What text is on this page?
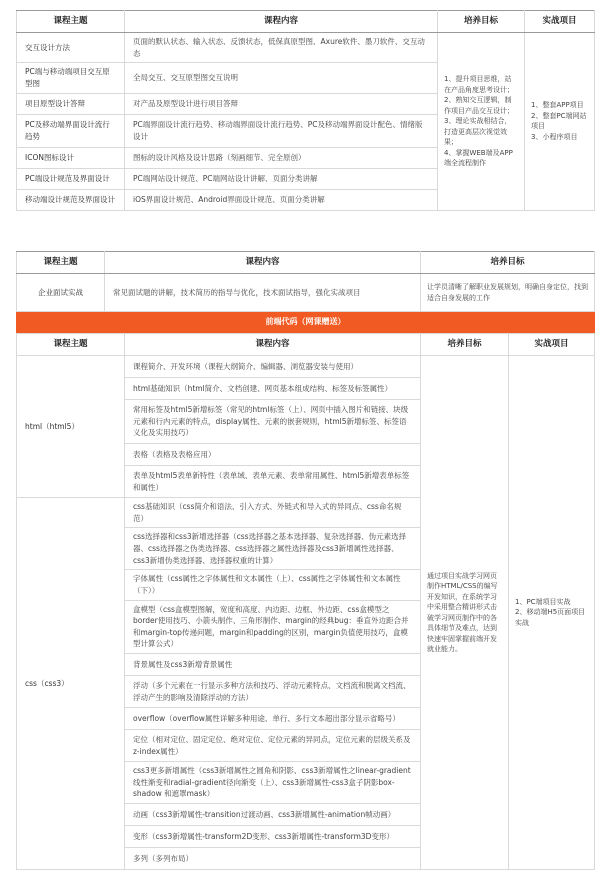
课程主题	课程内容	培养目标	实战项目
交互设计方法	页面的默认状态、输入状态、反馈状态，低保真原型图、Axure软件、墨刀软件、交互动态	1、提升项目思维，站在产品角度思考设计；
2、熟知交互逻辑，制作项目产品交互设计；
3、理论实战相结合，打造更高层次视觉效果；
4、掌握WEB端及APP端全流程制作	1、整套APP项目
2、整套PC端网站项目
3、小程序项目
PC端与移动端项目交互原型图	全局交互、交互原型图交互说明		
项目原型设计答辩	对产品及原型设计进行项目答辩		
PC及移动端界面设计流行趋势	PC端界面设计流行趋势、移动端界面设计流行趋势、PC及移动端界面设计配色、情绪版设计		
ICON图标设计	图标的设计风格及设计思路（刻画细节、完全原创）		
PC端设计规范及界面设计	PC端网站设计规范、PC端网站设计讲解、页面分类讲解		
移动端设计规范及界面设计	iOS界面设计规范、Android界面设计规范、页面分类讲解		
课程主题	课程内容	培养目标
企业面试实战	常见面试题的讲解，技术简历的指导与优化，技术面试指导，强化实战项目	让学员清晰了解职业发展规划，明确自身定位，找到适合自身发展的工作
前端代码（网课赠送）		
课程主题	课程内容	培养目标	实战项目
html（html5）	课程简介、开发环境（课程大纲简介、编辑器、浏览器安装与使用）	通过项目实战学习网页制作HTML/CSS的编写开发知识，在系统学习中采用整合精讲形式击破学习网页制作中的各具体细节及难点，达到快速牢固掌握前端开发就业能力。	1、PC端项目实战
2、移动端H5页面项目实战
	html基础知识（html简介、文档创建、网页基本组成结构、标签及标签属性）		
	常用标签及html5新增标签（常见的html标签（上）、网页中插入图片和链接、块级元素和行内元素的特点，display属性、元素的嵌套规则，html5新增标签、标签语义化及实用技巧）		
	表格（表格及表格应用）		
	表单及html5表单新特性（表单域、表单元素、表单常用属性、html5新增表单标签和属性）		
css（css3）	css基础知识（css简介和语法、引入方式、外链式和导入式的异同点、css命名规范）		
	css选择器和css3新增选择器（css选择器之基本选择器、复杂选择器、伪元素选择器、css选择器之伪类选择器、css选择器之属性选择器及css3新增属性选择器、css3新增伪类选择器、选择器权重的计算）		
	字体属性（css属性之字体属性和文本属性（上）、css属性之字体属性和文本属性（下））		
	盒模型（css盒模型图解，宽度和高度、内边距、边框、外边距、css盒模型之border使用技巧、小箭头制作、三角形制作、margin的经典bug：垂直外边距合并和margin-top传递问题，margin和padding的区别，margin负值使用技巧，盒模型计算公式）		
	背景属性及css3新增背景属性		
	浮动（多个元素在一行显示多种方法和技巧、浮动元素特点、文档流和脱离文档流、浮动产生的影响及清除浮动的方法）		
	overflow（overflow属性详解多种用途、单行、多行文本超出部分显示省略号）		
	定位（相对定位、固定定位、绝对定位、定位元素的异同点，定位元素的层级关系及z-index属性）		
	css3更多新增属性（css3新增属性之圆角和阴影、css3新增属性之linear-gradient线性渐变和radial-gradient径向渐变（上）、css3新增属性-css3盒子阴影box-shadow 和遮罩mask）		
	动画（css3新增属性-transition过渡动画、css3新增属性-animation帧动画）		
	变形（css3新增属性-transform2D变形、css3新增属性-transform3D变形）		
	多列（多列布局）		
